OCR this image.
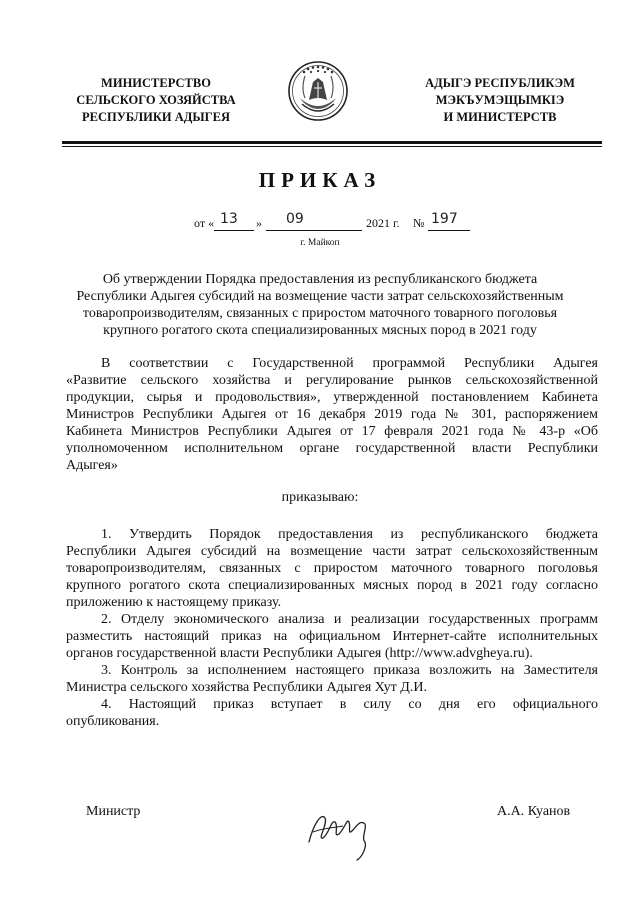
МИНИСТЕРСТВО
СЕЛЬСКОГО ХОЗЯЙСТВА
РЕСПУБЛИКИ АДЫГЕЯ
АДЫГЭ РЕСПУБЛИКЭМ
МЭКЪУМЭЩЫМКIЭ
И МИНИСТЕРСТВ
ПРИКАЗ
от « 13 » 09	2021 г. № 197
г. Майкоп
Об утверждении Порядка предоставления из республиканского бюджета
Республики Адыгея субсидий на возмещение части затрат сельскохозяйственным
товаропроизводителям, связанных с приростом маточного товарного поголовья
крупного рогатого скота специализированных мясных пород в 2021 году
В соответствии с Государственной программой Республики Адыгея
«Развитие сельского хозяйства и регулирование рынков сельскохозяйственной
продукции, сырья и продовольствия», утвержденной постановлением Кабинета
Министров Республики Адыгея от 16 декабря 2019 года № 301, распоряжением
Кабинета Министров Республики Адыгея от 17 февраля 2021 года № 43-р «Об
уполномоченном исполнительном органе государственной власти Республики
Адыгея»
приказываю:
1. Утвердить Порядок предоставления из республиканского бюджета
Республики Адыгея субсидий на возмещение части затрат сельскохозяйственным
товаропроизводителям, связанных с приростом маточного товарного поголовья
крупного рогатого скота специализированных мясных пород в 2021 году согласно
приложению к настоящему приказу.
2. Отделу экономического анализа и реализации государственных программ
разместить настоящий приказ на официальном Интернет-сайте исполнительных
органов государственной власти Республики Адыгея (http://www.advgheya.ru).
3. Контроль за исполнением настоящего приказа возложить на Заместителя
Министра сельского хозяйства Республики Адыгея Хут Д.И.
4. Настоящий приказ вступает в силу со дня его официального
опубликования.
Министр	А.А. Куанов
